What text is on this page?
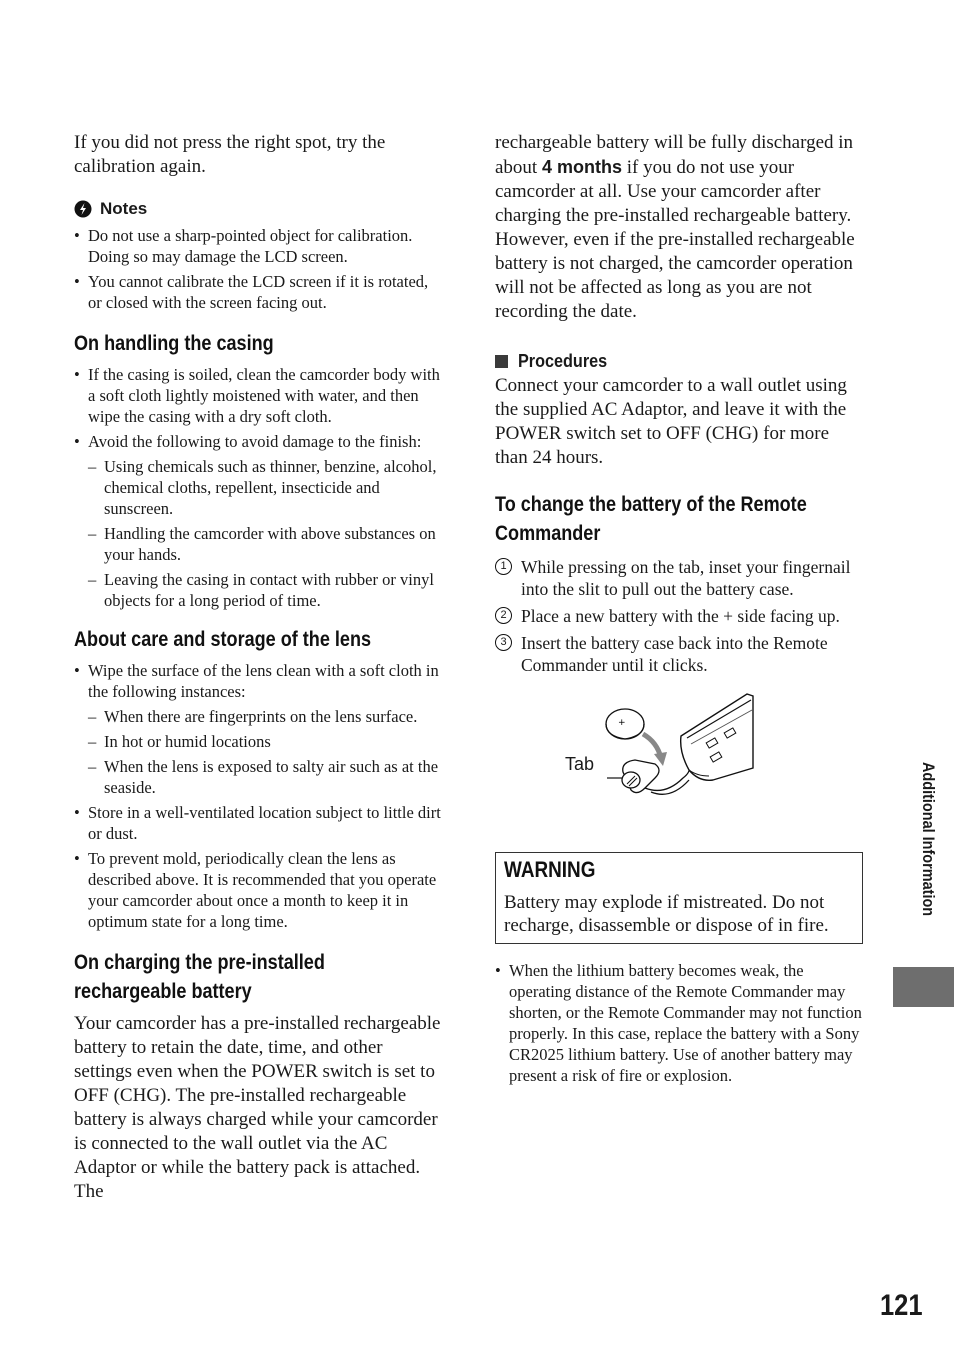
If you did not press the right spot, try the calibration again.

Notes
• Do not use a sharp-pointed object for calibration. Doing so may damage the LCD screen.
• You cannot calibrate the LCD screen if it is rotated, or closed with the screen facing out.
On handling the casing
• If the casing is soiled, clean the camcorder body with a soft cloth lightly moistened with water, and then wipe the casing with a dry soft cloth.
• Avoid the following to avoid damage to the finish:
– Using chemicals such as thinner, benzine, alcohol, chemical cloths, repellent, insecticide and sunscreen.
– Handling the camcorder with above substances on your hands.
– Leaving the casing in contact with rubber or vinyl objects for a long period of time.
About care and storage of the lens
• Wipe the surface of the lens clean with a soft cloth in the following instances:
– When there are fingerprints on the lens surface.
– In hot or humid locations
– When the lens is exposed to salty air such as at the seaside.
• Store in a well-ventilated location subject to little dirt or dust.
• To prevent mold, periodically clean the lens as described above. It is recommended that you operate your camcorder about once a month to keep it in optimum state for a long time.
On charging the pre-installed
rechargeable battery

Your camcorder has a pre-installed rechargeable battery to retain the date, time, and other settings even when the POWER switch is set to OFF (CHG). The pre-installed rechargeable battery is always charged while your camcorder is connected to the wall outlet via the AC Adaptor or while the battery pack is attached. The

rechargeable battery will be fully discharged in about 4 months if you do not use your camcorder at all. Use your camcorder after charging the pre-installed rechargeable battery.

However, even if the pre-installed rechargeable battery is not charged, the camcorder operation will not be affected as long as you are not recording the date.

Procedures

Connect your camcorder to a wall outlet using the supplied AC Adaptor, and leave it with the POWER switch set to OFF (CHG) for more than 24 hours.

To change the battery of the Remote
Commander
1 While pressing on the tab, inset your fingernail into the slit to pull out the battery case.
2 Place a new battery with the + side facing up.
3 Insert the battery case back into the Remote Commander until it clicks.
+
Tab
WARNING

Battery may explode if mistreated. Do not recharge, disassemble or dispose of in fire.

• When the lithium battery becomes weak, the operating distance of the Remote Commander may shorten, or the Remote Commander may not function properly. In this case, replace the battery with a Sony CR2025 lithium battery. Use of another battery may present a risk of fire or explosion.
Additional Information
121
